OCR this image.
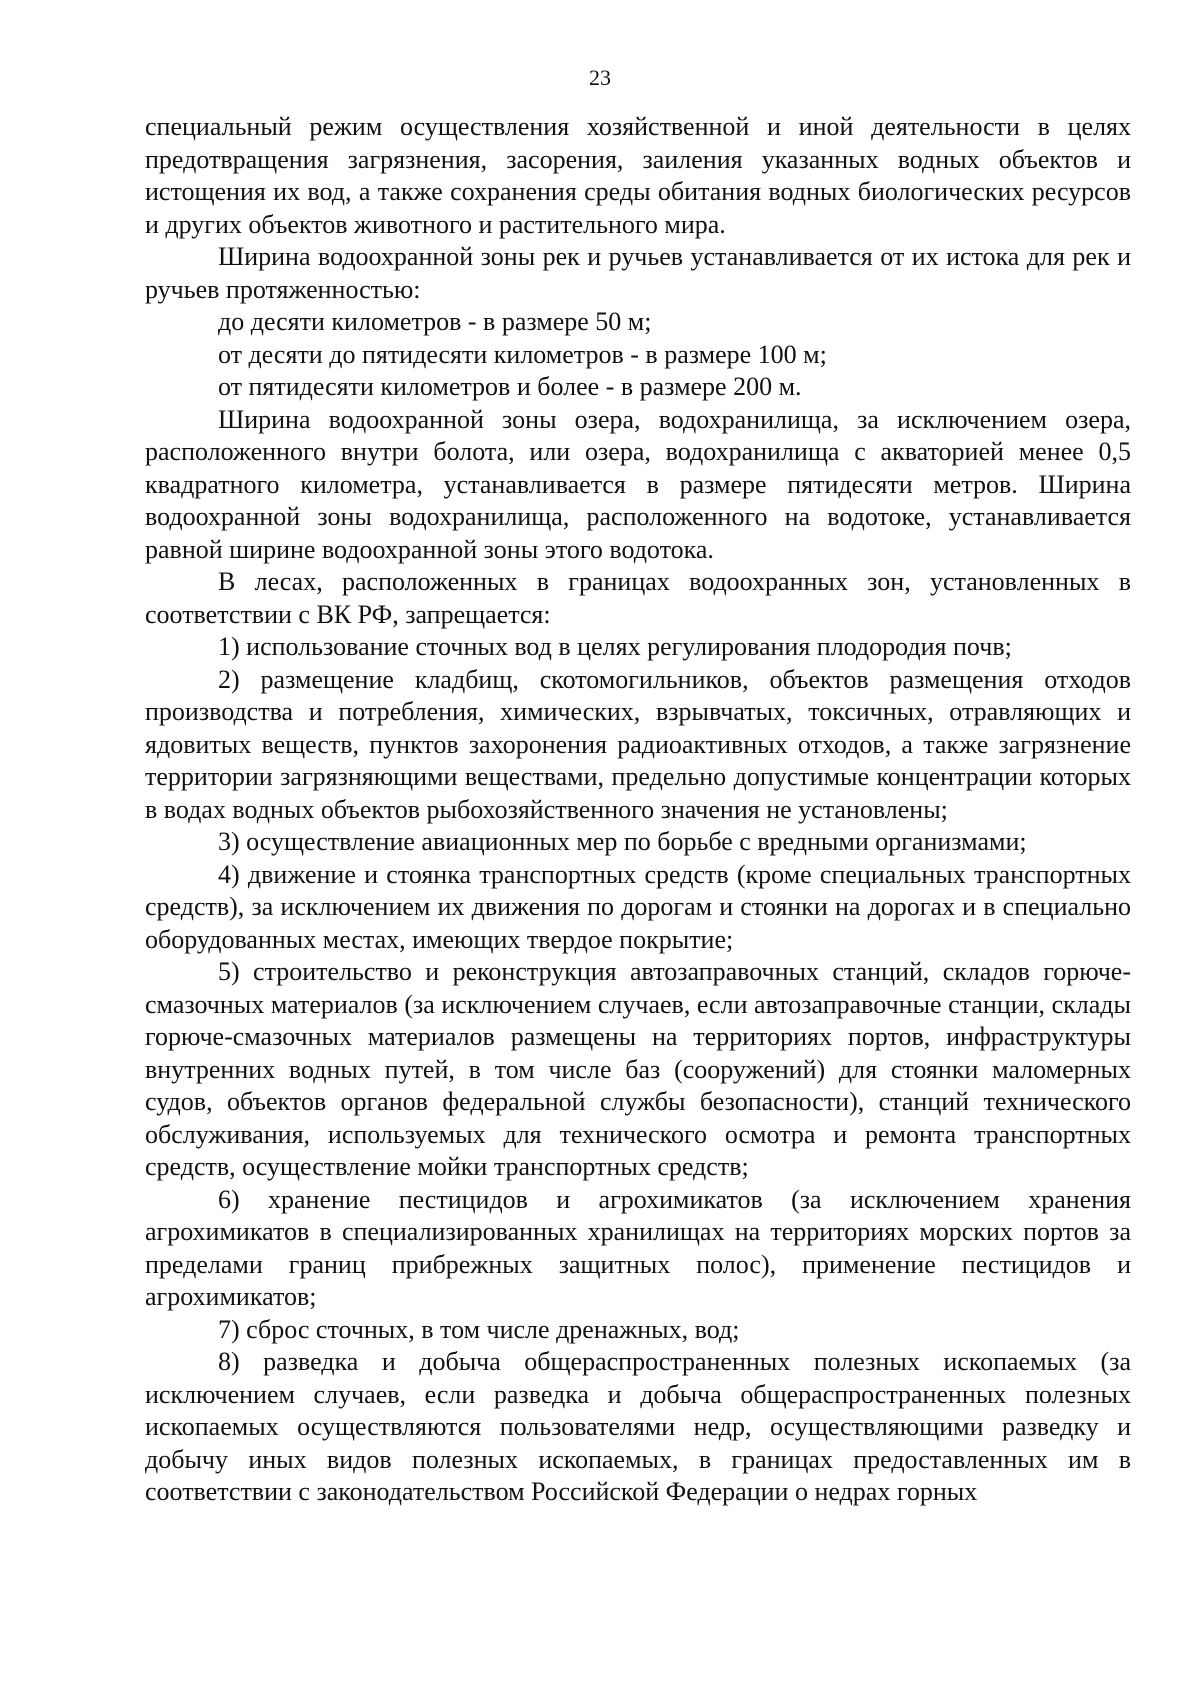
23

специальный режим осуществления хозяйственной и иной деятельности в целях предотвращения загрязнения, засорения, заиления указанных водных объектов и истощения их вод, а также сохранения среды обитания водных биологических ресурсов и других объектов животного и растительного мира.

Ширина водоохранной зоны рек и ручьев устанавливается от их истока для рек и ручьев протяженностью:

до десяти километров - в размере 50 м;

от десяти до пятидесяти километров - в размере 100 м;

от пятидесяти километров и более - в размере 200 м.

Ширина водоохранной зоны озера, водохранилища, за исключением озера, расположенного внутри болота, или озера, водохранилища с акваторией менее 0,5 квадратного километра, устанавливается в размере пятидесяти метров. Ширина водоохранной зоны водохранилища, расположенного на водотоке, устанавливается равной ширине водоохранной зоны этого водотока.

В лесах, расположенных в границах водоохранных зон, установленных в соответствии с ВК РФ, запрещается:

1) использование сточных вод в целях регулирования плодородия почв;

2) размещение кладбищ, скотомогильников, объектов размещения отходов производства и потребления, химических, взрывчатых, токсичных, отравляющих и ядовитых веществ, пунктов захоронения радиоактивных отходов, а также загрязнение территории загрязняющими веществами, предельно допустимые концентрации которых в водах водных объектов рыбохозяйственного значения не установлены;

3) осуществление авиационных мер по борьбе с вредными организмами;

4) движение и стоянка транспортных средств (кроме специальных транспортных средств), за исключением их движения по дорогам и стоянки на дорогах и в специально оборудованных местах, имеющих твердое покрытие;

5) строительство и реконструкция автозаправочных станций, складов горюче-смазочных материалов (за исключением случаев, если автозаправочные станции, склады горюче-смазочных материалов размещены на территориях портов, инфраструктуры внутренних водных путей, в том числе баз (сооружений) для стоянки маломерных судов, объектов органов федеральной службы безопасности), станций технического обслуживания, используемых для технического осмотра и ремонта транспортных средств, осуществление мойки транспортных средств;

6) хранение пестицидов и агрохимикатов (за исключением хранения агрохимикатов в специализированных хранилищах на территориях морских портов за пределами границ прибрежных защитных полос), применение пестицидов и агрохимикатов;

7) сброс сточных, в том числе дренажных, вод;

8) разведка и добыча общераспространенных полезных ископаемых (за исключением случаев, если разведка и добыча общераспространенных полезных ископаемых осуществляются пользователями недр, осуществляющими разведку и добычу иных видов полезных ископаемых, в границах предоставленных им в соответствии с законодательством Российской Федерации о недрах горных
